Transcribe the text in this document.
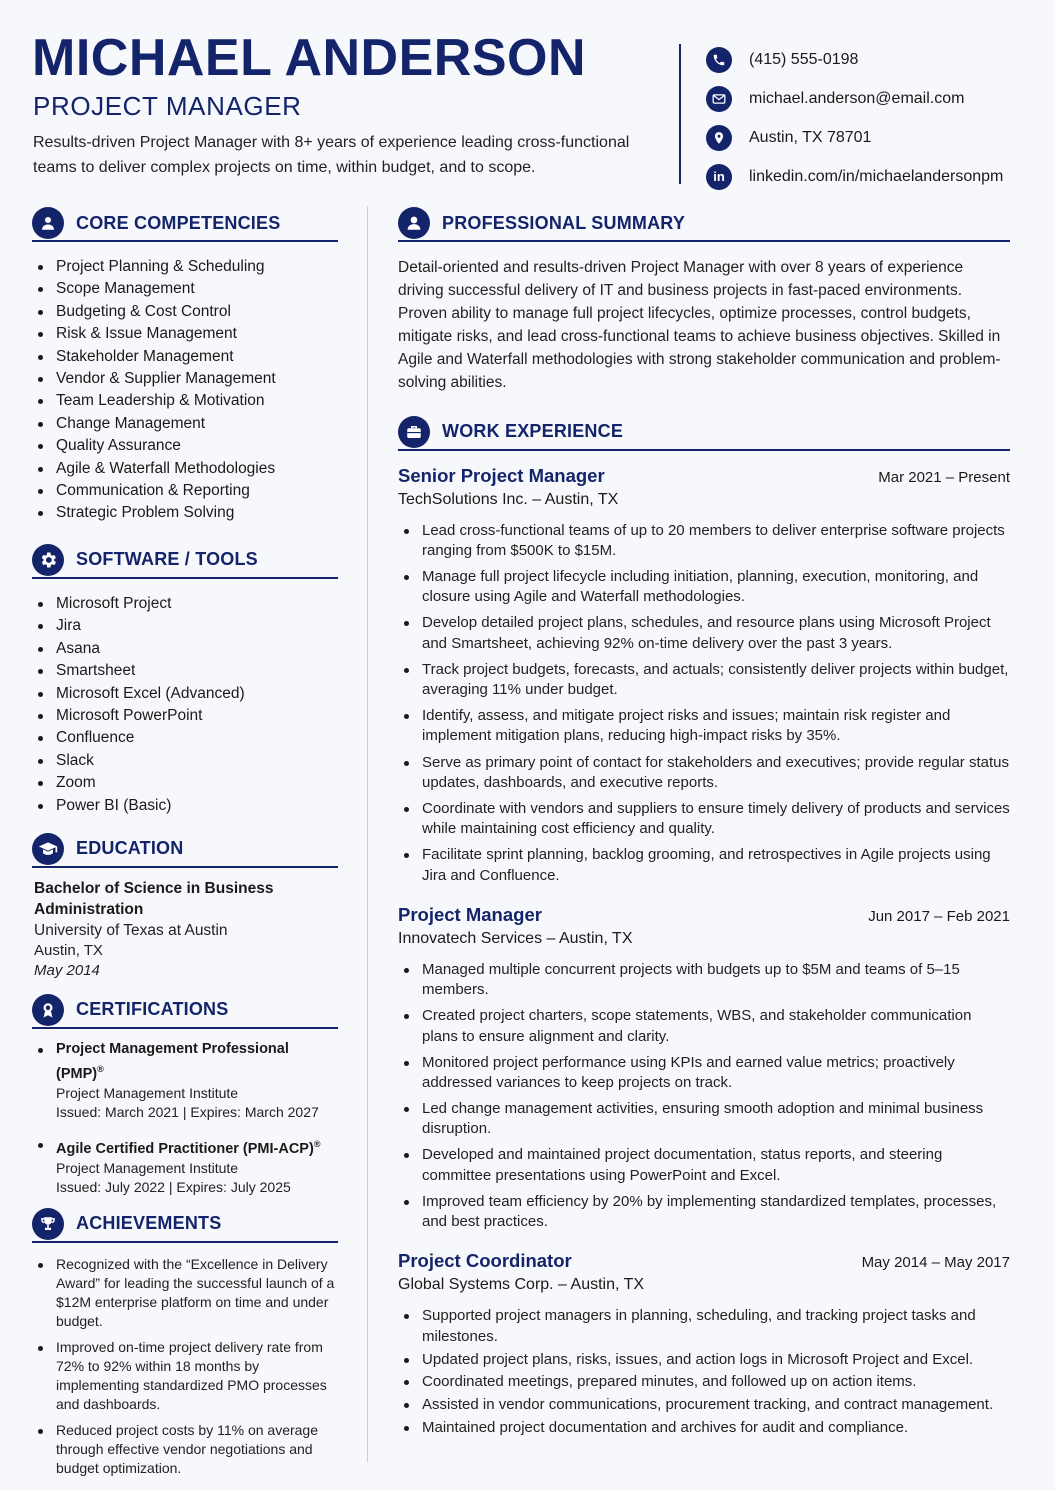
MICHAEL ANDERSON
PROJECT MANAGER
Results-driven Project Manager with 8+ years of experience leading cross-functional
teams to deliver complex projects on time, within budget, and to scope.
(415) 555-0198
michael.anderson@email.com
Austin, TX 78701
in linkedin.com/in/michaelandersonpm
CORE COMPETENCIES
Project Planning & Scheduling
Scope Management
Budgeting & Cost Control
Risk & Issue Management
Stakeholder Management
Vendor & Supplier Management
Team Leadership & Motivation
Change Management
Quality Assurance
Agile & Waterfall Methodologies
Communication & Reporting
Strategic Problem Solving
SOFTWARE / TOOLS
Microsoft Project
Jira
Asana
Smartsheet
Microsoft Excel (Advanced)
Microsoft PowerPoint
Confluence
Slack
Zoom
Power BI (Basic)
EDUCATION
Bachelor of Science in Business
Administration
University of Texas at Austin
Austin, TX
May 2014
CERTIFICATIONS
Project Management Professional (PMP)®
Project Management Institute
Issued: March 2021 | Expires: March 2027
Agile Certified Practitioner (PMI-ACP)®
Project Management Institute
Issued: July 2022 | Expires: July 2025
ACHIEVEMENTS
Recognized with the “Excellence in Delivery Award” for leading the successful launch of a $12M enterprise platform on time and under budget.
Improved on-time project delivery rate from 72% to 92% within 18 months by implementing standardized PMO processes and dashboards.
Reduced project costs by 11% on average through effective vendor negotiations and budget optimization.
PROFESSIONAL SUMMARY
Detail-oriented and results-driven Project Manager with over 8 years of experience driving successful delivery of IT and business projects in fast-paced environments. Proven ability to manage full project lifecycles, optimize processes, control budgets, mitigate risks, and lead cross-functional teams to achieve business objectives. Skilled in Agile and Waterfall methodologies with strong stakeholder communication and problem-solving abilities.
WORK EXPERIENCE
Senior Project Manager	Mar 2021 – Present
TechSolutions Inc. – Austin, TX
Lead cross-functional teams of up to 20 members to deliver enterprise software projects ranging from $500K to $15M.
Manage full project lifecycle including initiation, planning, execution, monitoring, and closure using Agile and Waterfall methodologies.
Develop detailed project plans, schedules, and resource plans using Microsoft Project and Smartsheet, achieving 92% on-time delivery over the past 3 years.
Track project budgets, forecasts, and actuals; consistently deliver projects within budget, averaging 11% under budget.
Identify, assess, and mitigate project risks and issues; maintain risk register and implement mitigation plans, reducing high-impact risks by 35%.
Serve as primary point of contact for stakeholders and executives; provide regular status updates, dashboards, and executive reports.
Coordinate with vendors and suppliers to ensure timely delivery of products and services while maintaining cost efficiency and quality.
Facilitate sprint planning, backlog grooming, and retrospectives in Agile projects using Jira and Confluence.
Project Manager	Jun 2017 – Feb 2021
Innovatech Services – Austin, TX
Managed multiple concurrent projects with budgets up to $5M and teams of 5–15 members.
Created project charters, scope statements, WBS, and stakeholder communication plans to ensure alignment and clarity.
Monitored project performance using KPIs and earned value metrics; proactively addressed variances to keep projects on track.
Led change management activities, ensuring smooth adoption and minimal business disruption.
Developed and maintained project documentation, status reports, and steering committee presentations using PowerPoint and Excel.
Improved team efficiency by 20% by implementing standardized templates, processes, and best practices.
Project Coordinator	May 2014 – May 2017
Global Systems Corp. – Austin, TX
Supported project managers in planning, scheduling, and tracking project tasks and milestones.
Updated project plans, risks, issues, and action logs in Microsoft Project and Excel.
Coordinated meetings, prepared minutes, and followed up on action items.
Assisted in vendor communications, procurement tracking, and contract management.
Maintained project documentation and archives for audit and compliance.
